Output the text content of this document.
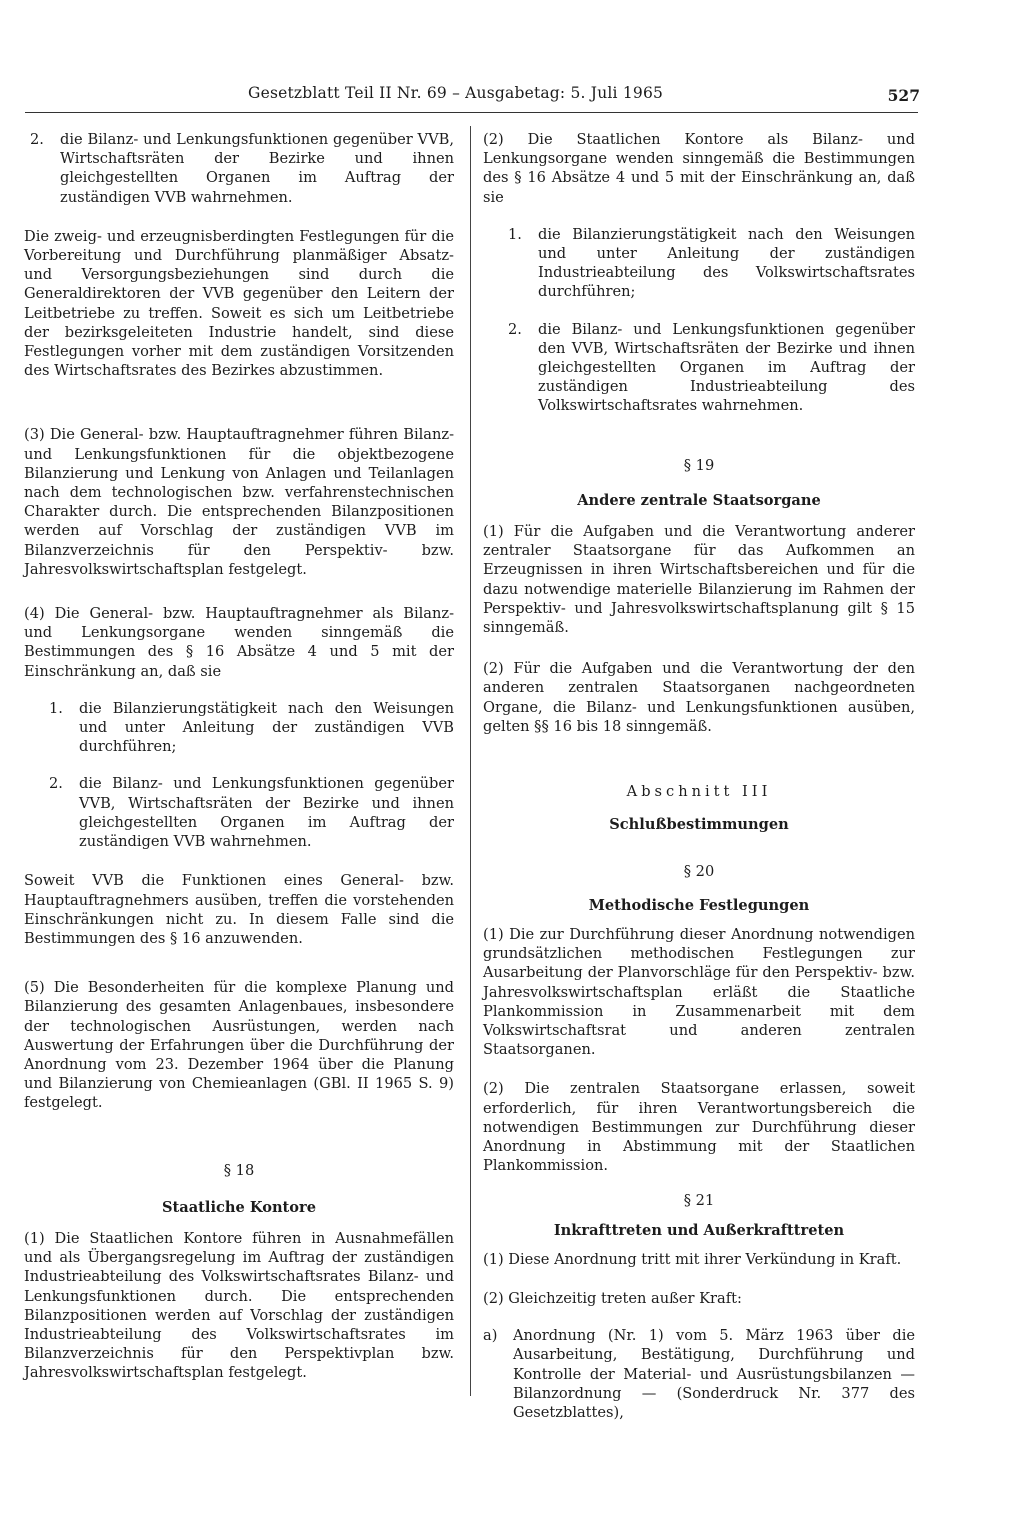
Gesetzblatt Teil II Nr. 69 – Ausgabetag: 5. Juli 1965	527
2.	die Bilanz- und Lenkungsfunktionen gegenüber VVB, Wirtschaftsräten der Bezirke und ihnen gleichgestellten Organen im Auftrag der zuständigen VVB wahrnehmen.

Die zweig- und erzeugnisberdingten Festlegungen für die Vorbereitung und Durchführung planmäßiger Absatz- und Versorgungsbeziehungen sind durch die Generaldirektoren der VVB gegenüber den Leitern der Leitbetriebe zu treffen. Soweit es sich um Leitbetriebe der bezirksgeleiteten Industrie handelt, sind diese Festlegungen vorher mit dem zuständigen Vorsitzenden des Wirtschaftsrates des Bezirkes abzustimmen.

(3) Die General- bzw. Hauptauftragnehmer führen Bilanz- und Lenkungsfunktionen für die objektbezogene Bilanzierung und Lenkung von Anlagen und Teilanlagen nach dem technologischen bzw. verfahrenstechnischen Charakter durch. Die entsprechenden Bilanzpositionen werden auf Vorschlag der zuständigen VVB im Bilanzverzeichnis für den Perspektiv- bzw. Jahresvolkswirtschaftsplan festgelegt.

(4) Die General- bzw. Hauptauftragnehmer als Bilanz- und Lenkungsorgane wenden sinngemäß die Bestimmungen des § 16 Absätze 4 und 5 mit der Einschränkung an, daß sie

1.	die Bilanzierungstätigkeit nach den Weisungen und unter Anleitung der zuständigen VVB durchführen;
2.	die Bilanz- und Lenkungsfunktionen gegenüber VVB, Wirtschaftsräten der Bezirke und ihnen gleichgestellten Organen im Auftrag der zuständigen VVB wahrnehmen.

Soweit VVB die Funktionen eines General- bzw. Hauptauftragnehmers ausüben, treffen die vorstehenden Einschränkungen nicht zu. In diesem Falle sind die Bestimmungen des § 16 anzuwenden.

(5) Die Besonderheiten für die komplexe Planung und Bilanzierung des gesamten Anlagenbaues, insbesondere der technologischen Ausrüstungen, werden nach Auswertung der Erfahrungen über die Durchführung der Anordnung vom 23. Dezember 1964 über die Planung und Bilanzierung von Chemieanlagen (GBl. II 1965 S. 9) festgelegt.

§ 18

Staatliche Kontore

(1) Die Staatlichen Kontore führen in Ausnahmefällen und als Übergangsregelung im Auftrag der zuständigen Industrieabteilung des Volkswirtschaftsrates Bilanz- und Lenkungsfunktionen durch. Die entsprechenden Bilanzpositionen werden auf Vorschlag der zuständigen Industrieabteilung des Volkswirtschaftsrates im Bilanzverzeichnis für den Perspektivplan bzw. Jahresvolkswirtschaftsplan festgelegt.

(2) Die Staatlichen Kontore als Bilanz- und Lenkungsorgane wenden sinngemäß die Bestimmungen des § 16 Absätze 4 und 5 mit der Einschränkung an, daß sie

1.	die Bilanzierungstätigkeit nach den Weisungen und unter Anleitung der zuständigen Industrieabteilung des Volkswirtschaftsrates durchführen;
2.	die Bilanz- und Lenkungsfunktionen gegenüber den VVB, Wirtschaftsräten der Bezirke und ihnen gleichgestellten Organen im Auftrag der zuständigen Industrieabteilung des Volkswirtschaftsrates wahrnehmen.

§ 19

Andere zentrale Staatsorgane

(1) Für die Aufgaben und die Verantwortung anderer zentraler Staatsorgane für das Aufkommen an Erzeugnissen in ihren Wirtschaftsbereichen und für die dazu notwendige materielle Bilanzierung im Rahmen der Perspektiv- und Jahresvolkswirtschaftsplanung gilt § 15 sinngemäß.

(2) Für die Aufgaben und die Verantwortung der den anderen zentralen Staatsorganen nachgeordneten Organe, die Bilanz- und Lenkungsfunktionen ausüben, gelten §§ 16 bis 18 sinngemäß.

Abschnitt III

Schlußbestimmungen

§ 20

Methodische Festlegungen

(1) Die zur Durchführung dieser Anordnung notwendigen grundsätzlichen methodischen Festlegungen zur Ausarbeitung der Planvorschläge für den Perspektiv- bzw. Jahresvolkswirtschaftsplan erläßt die Staatliche Plankommission in Zusammenarbeit mit dem Volkswirtschaftsrat und anderen zentralen Staatsorganen.

(2) Die zentralen Staatsorgane erlassen, soweit erforderlich, für ihren Verantwortungsbereich die notwendigen Bestimmungen zur Durchführung dieser Anordnung in Abstimmung mit der Staatlichen Plankommission.

§ 21

Inkrafttreten und Außerkrafttreten

(1) Diese Anordnung tritt mit ihrer Verkündung in Kraft.

(2) Gleichzeitig treten außer Kraft:

a)	Anordnung (Nr. 1) vom 5. März 1963 über die Ausarbeitung, Bestätigung, Durchführung und Kontrolle der Material- und Ausrüstungsbilanzen — Bilanzordnung — (Sonderdruck Nr. 377 des Gesetzblattes),
